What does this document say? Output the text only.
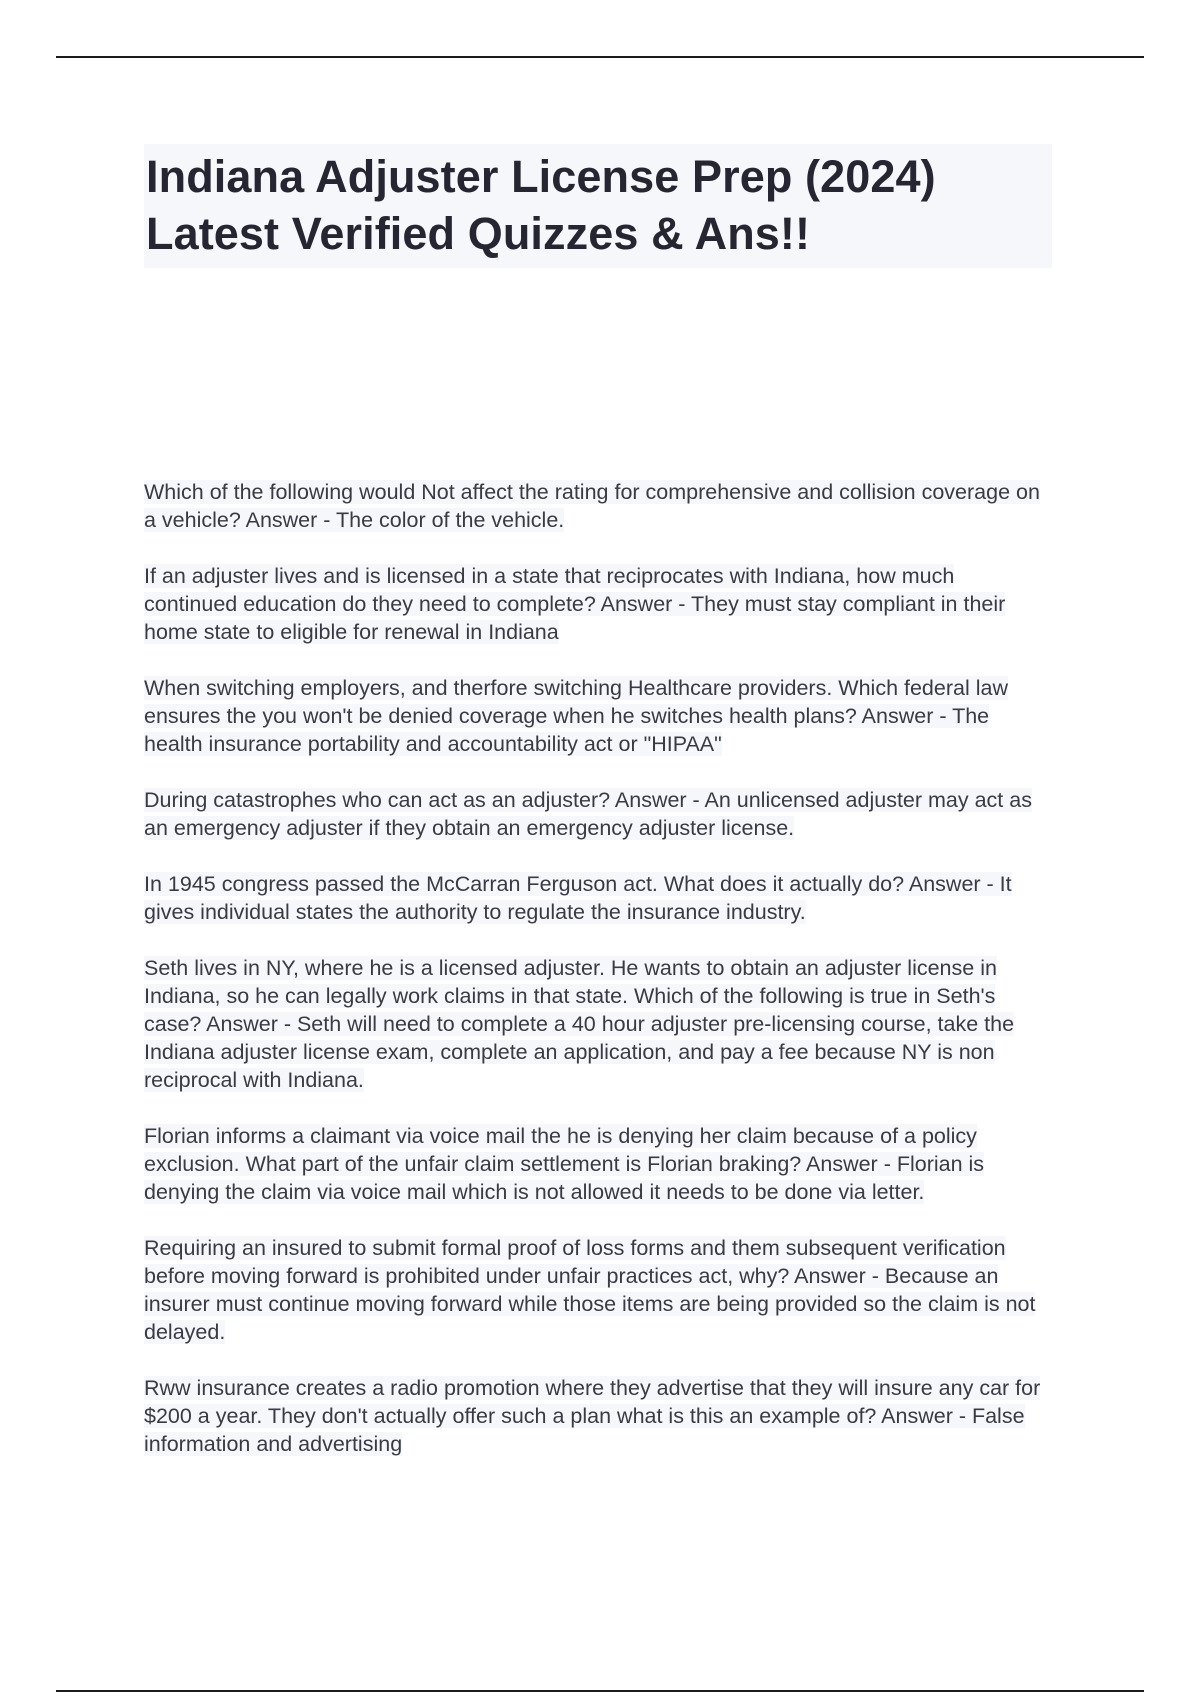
Indiana Adjuster License Prep (2024)
Latest Verified Quizzes & Ans!!
Which of the following would Not affect the rating for comprehensive and collision coverage on a vehicle? Answer - The color of the vehicle.
If an adjuster lives and is licensed in a state that reciprocates with Indiana, how much continued education do they need to complete? Answer - They must stay compliant in their home state to eligible for renewal in Indiana
When switching employers, and therfore switching Healthcare providers. Which federal law ensures the you won't be denied coverage when he switches health plans? Answer - The health insurance portability and accountability act or "HIPAA"
During catastrophes who can act as an adjuster? Answer - An unlicensed adjuster may act as an emergency adjuster if they obtain an emergency adjuster license.
In 1945 congress passed the McCarran Ferguson act. What does it actually do? Answer - It gives individual states the authority to regulate the insurance industry.
Seth lives in NY, where he is a licensed adjuster. He wants to obtain an adjuster license in Indiana, so he can legally work claims in that state. Which of the following is true in Seth's case? Answer - Seth will need to complete a 40 hour adjuster pre-licensing course, take the Indiana adjuster license exam, complete an application, and pay a fee because NY is non reciprocal with Indiana.
Florian informs a claimant via voice mail the he is denying her claim because of a policy exclusion. What part of the unfair claim settlement is Florian braking? Answer - Florian is denying the claim via voice mail which is not allowed it needs to be done via letter.
Requiring an insured to submit formal proof of loss forms and them subsequent verification before moving forward is prohibited under unfair practices act, why? Answer - Because an insurer must continue moving forward while those items are being provided so the claim is not delayed.
Rww insurance creates a radio promotion where they advertise that they will insure any car for $200 a year. They don't actually offer such a plan what is this an example of? Answer - False information and advertising
